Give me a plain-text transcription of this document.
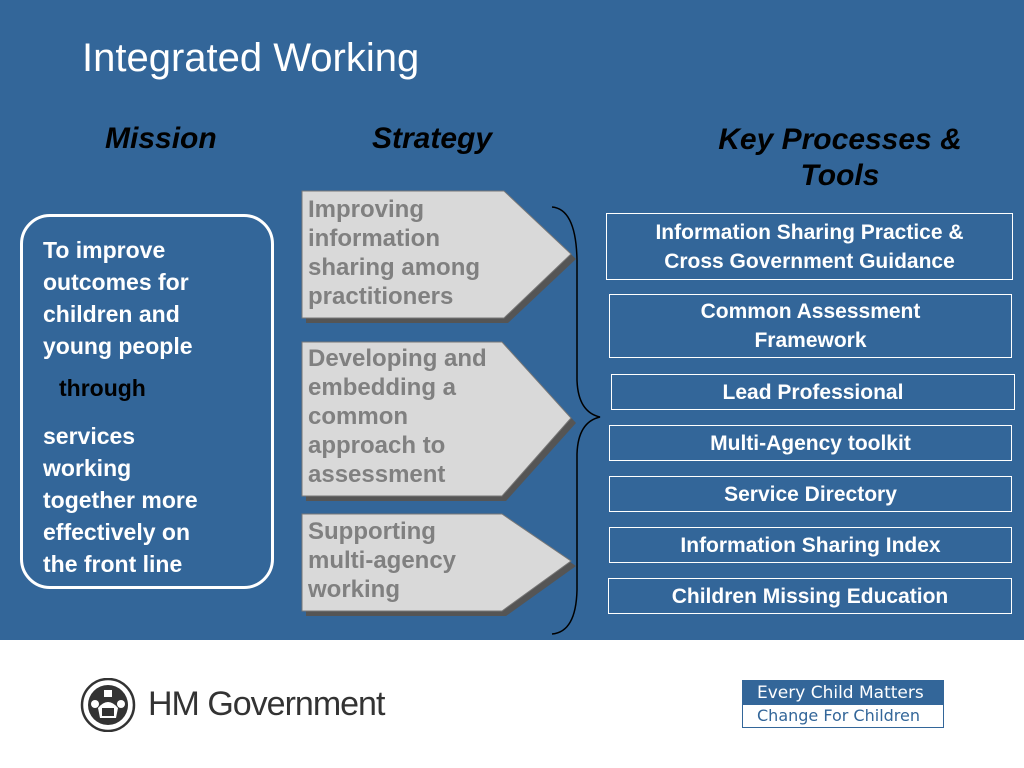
Integrated Working
Mission	Strategy	Key Processes &
Tools
To improve
outcomes for
children and
young people
through
services
working
together more
effectively on
the front line
Improving
information
sharing among
practitioners
Developing and
embedding a
common
approach to
assessment
Supporting
multi-agency
working
Information Sharing Practice &
Cross Government Guidance
Common Assessment
Framework
Lead Professional
Multi-Agency toolkit
Service Directory
Information Sharing Index
Children Missing Education
HM Government	Every Child Matters
Change For Children
